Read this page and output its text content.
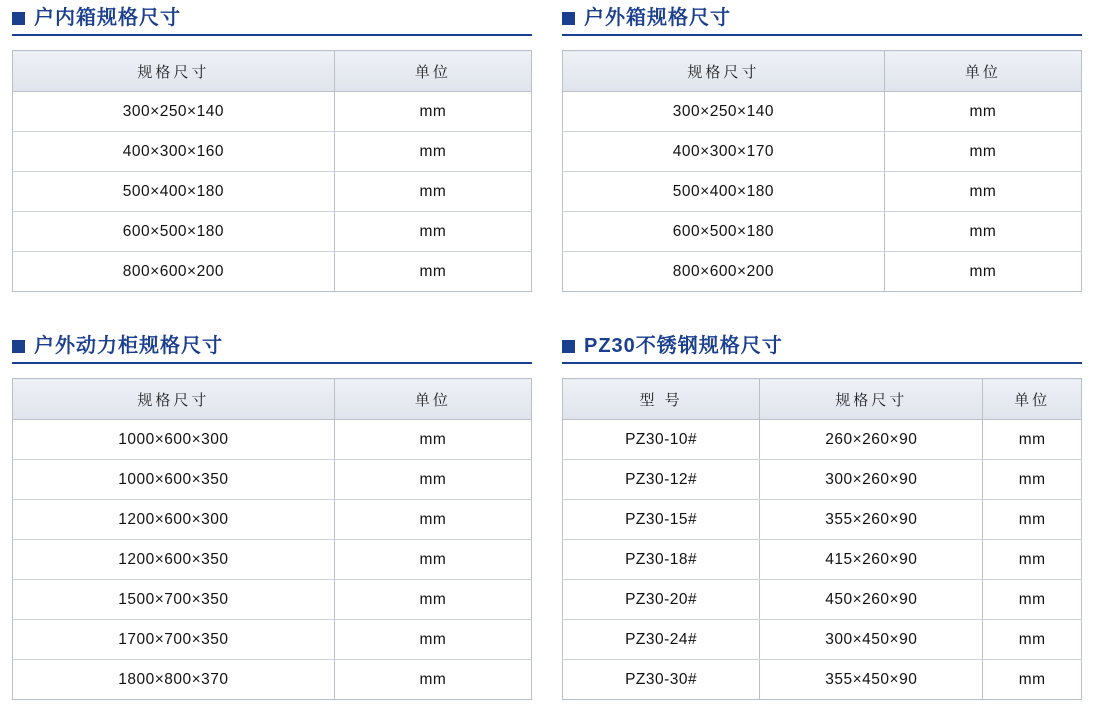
户内箱规格尺寸
规格尺寸	单位
300×250×140	mm
400×300×160	mm
500×400×180	mm
600×500×180	mm
800×600×200	mm
户外箱规格尺寸
规格尺寸	单位
300×250×140	mm
400×300×170	mm
500×400×180	mm
600×500×180	mm
800×600×200	mm
户外动力柜规格尺寸
规格尺寸	单位
1000×600×300	mm
1000×600×350	mm
1200×600×300	mm
1200×600×350	mm
1500×700×350	mm
1700×700×350	mm
1800×800×370	mm
PZ30不锈钢规格尺寸
型 号	规格尺寸	单位
PZ30-10#	260×260×90	mm
PZ30-12#	300×260×90	mm
PZ30-15#	355×260×90	mm
PZ30-18#	415×260×90	mm
PZ30-20#	450×260×90	mm
PZ30-24#	300×450×90	mm
PZ30-30#	355×450×90	mm
